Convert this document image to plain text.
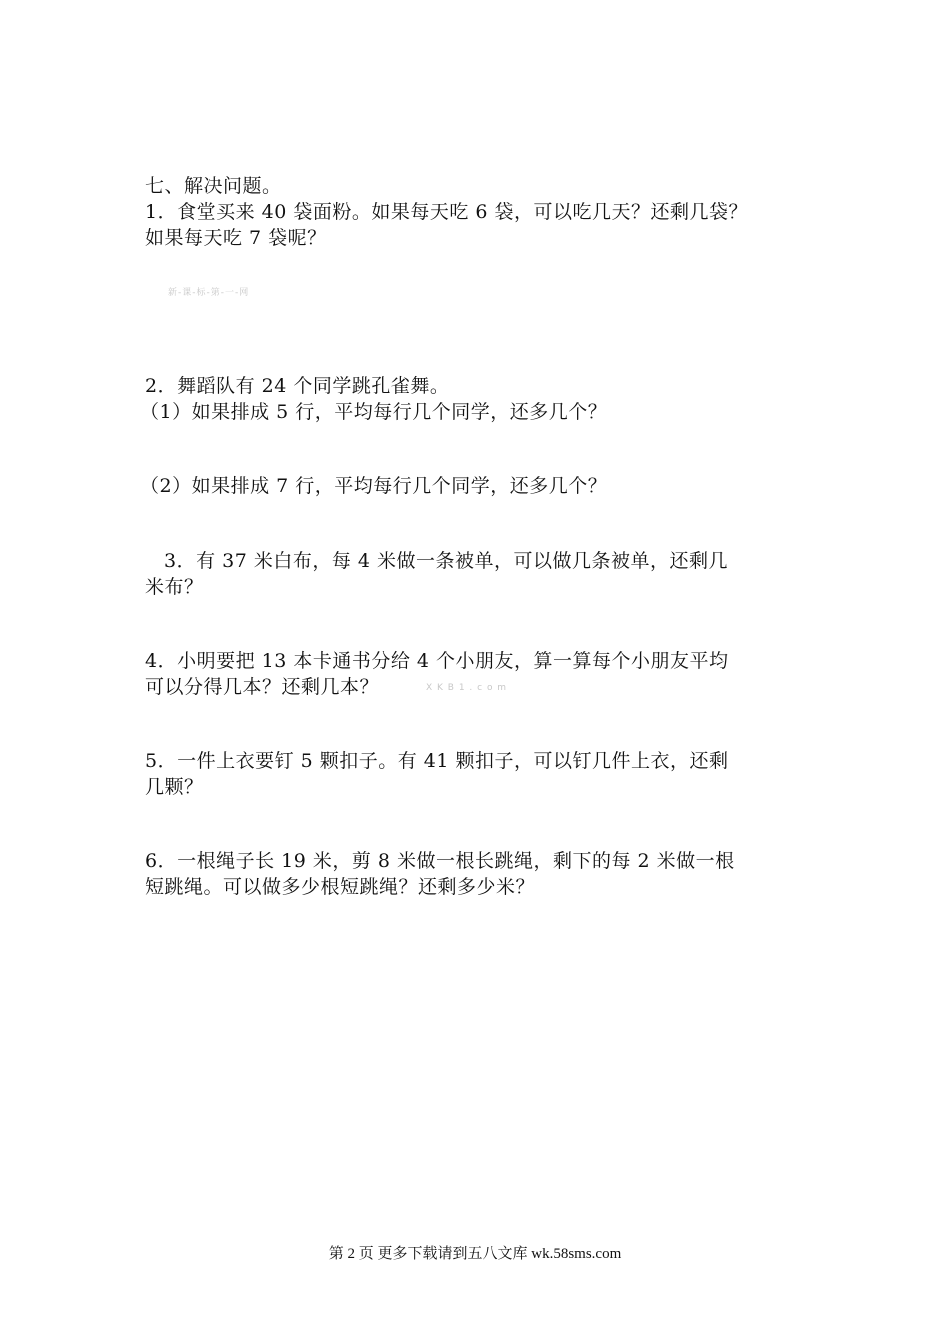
七、解决问题。
1．食堂买来 40 袋面粉。如果每天吃 6 袋，可以吃几天？还剩几袋？
如果每天吃 7 袋呢？
新-课-标-第-一-网
2．舞蹈队有 24 个同学跳孔雀舞。
（1）如果排成 5 行，平均每行几个同学，还多几个？
（2）如果排成 7 行，平均每行几个同学，还多几个？
3．有 37 米白布，每 4 米做一条被单，可以做几条被单，还剩几
米布？
4．小明要把 13 本卡通书分给 4 个小朋友，算一算每个小朋友平均
可以分得几本？还剩几本？	X K B 1 . c o m
5．一件上衣要钉 5 颗扣子。有 41 颗扣子，可以钉几件上衣，还剩
几颗？
6．一根绳子长 19 米，剪 8 米做一根长跳绳，剩下的每 2 米做一根
短跳绳。可以做多少根短跳绳？还剩多少米？
第 2 页 更多下载请到五八文库 wk.58sms.com
